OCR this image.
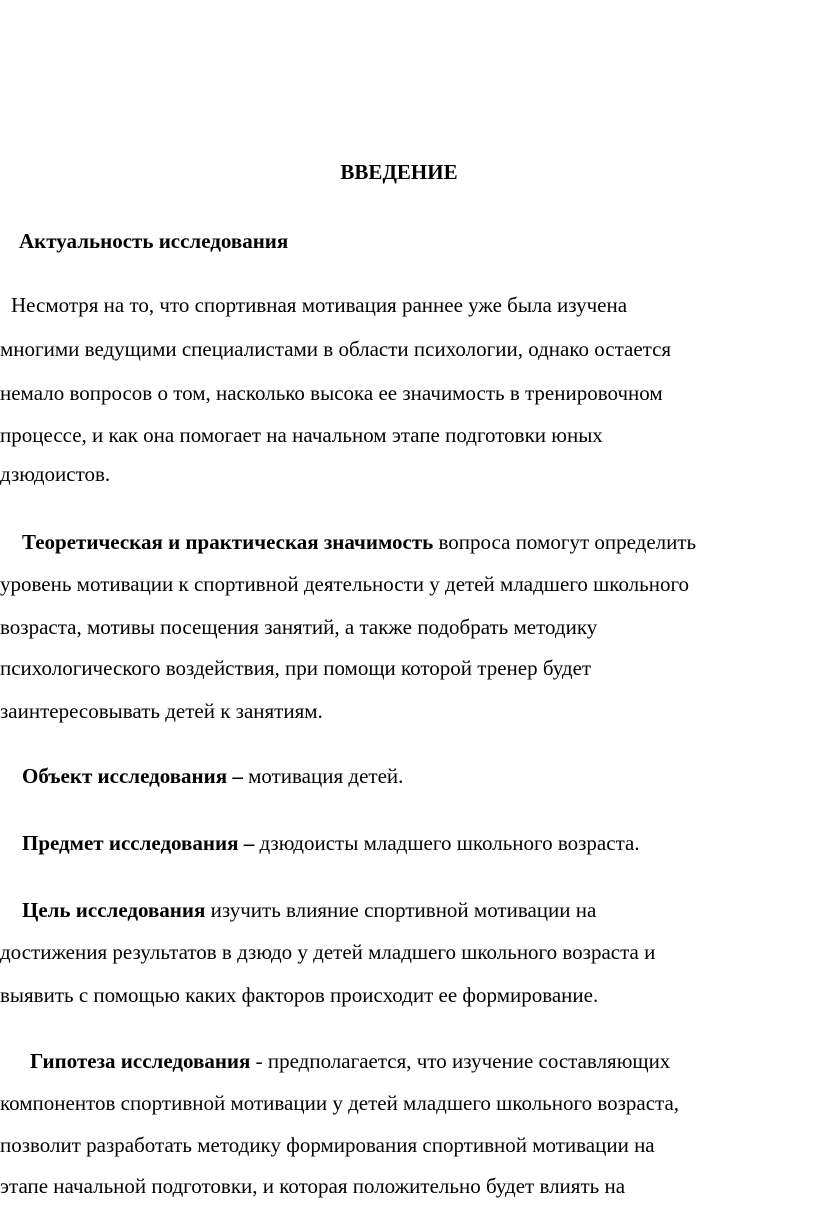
ВВЕДЕНИЕ
Актуальность исследования
Несмотря на то, что спортивная мотивация раннее уже была изучена
многими ведущими специалистами в области психологии, однако остается
немало вопросов о том, насколько высока ее значимость в тренировочном
процессе, и как она помогает на начальном этапе подготовки юных
дзюдоистов.
Теоретическая и практическая значимость вопроса помогут определить
уровень мотивации к спортивной деятельности у детей младшего школьного
возраста, мотивы посещения занятий, а также подобрать методику
психологического воздействия, при помощи которой тренер будет
заинтересовывать детей к занятиям.
Объект исследования – мотивация детей.
Предмет исследования – дзюдоисты младшего школьного возраста.
Цель исследования изучить влияние спортивной мотивации на
достижения результатов в дзюдо у детей младшего школьного возраста и
выявить с помощью каких факторов происходит ее формирование.
Гипотеза исследования - предполагается, что изучение составляющих
компонентов спортивной мотивации у детей младшего школьного возраста,
позволит разработать методику формирования спортивной мотивации на
этапе начальной подготовки, и которая положительно будет влиять на
